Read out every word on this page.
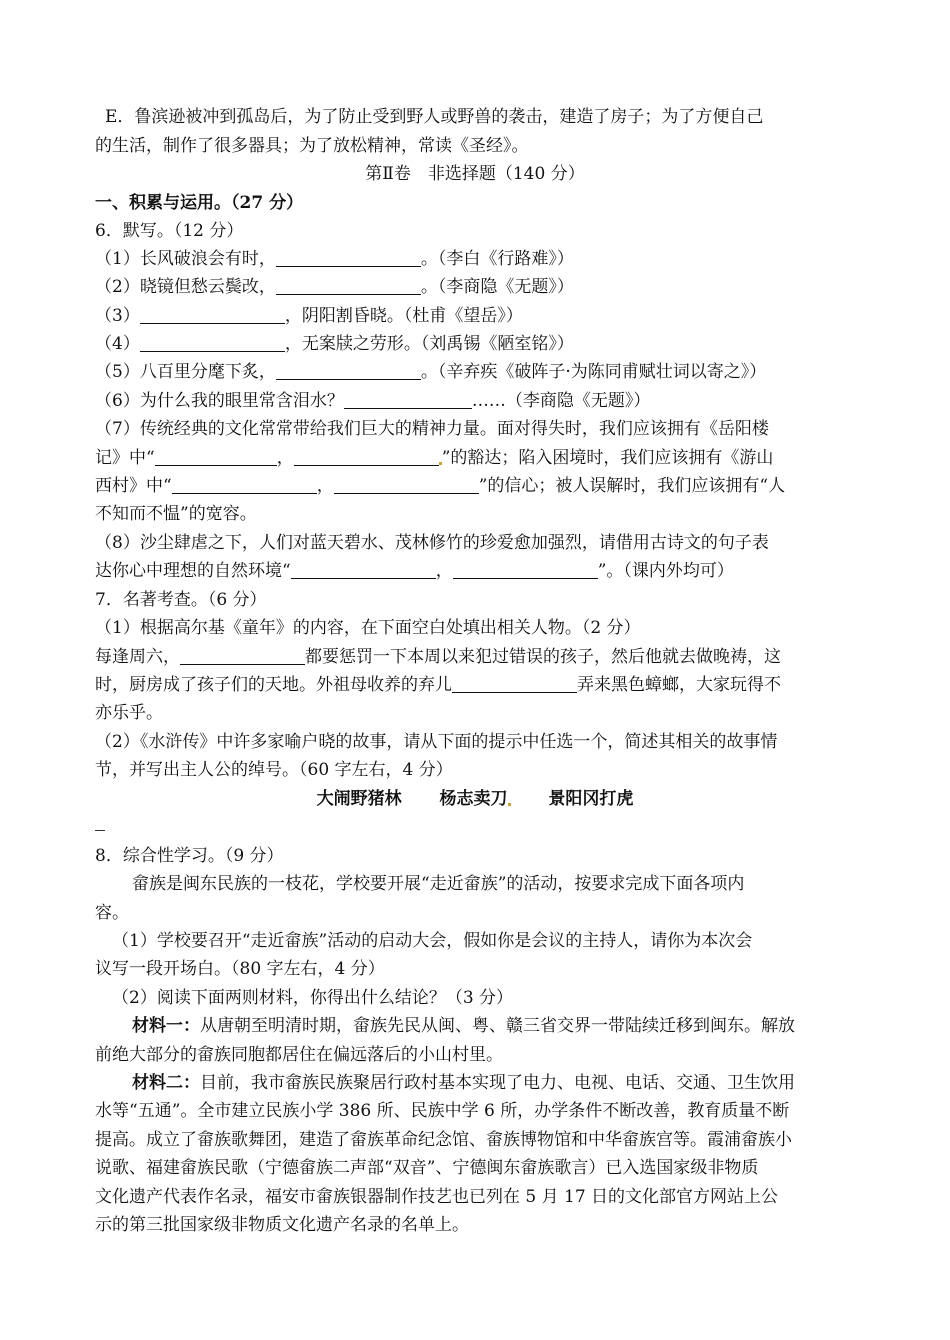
E．鲁滨逊被冲到孤岛后，为了防止受到野人或野兽的袭击，建造了房子；为了方便自己
的生活，制作了很多器具；为了放松精神，常读《圣经》。
第Ⅱ卷　非选择题（140 分）
一、积累与运用。（27 分）
6．默写。（12 分）
（1）长风破浪会有时，	。（李白《行路难》）
（2）晓镜但愁云鬓改，	。（李商隐《无题》）
（3）	，阴阳割昏晓。（杜甫《望岳》）
（4）	，无案牍之劳形。（刘禹锡《陋室铭》）
（5）八百里分麾下炙，	。（辛弃疾《破阵子·为陈同甫赋壮词以寄之》）
（6）为什么我的眼里常含泪水？	……（李商隐《无题》）
（7）传统经典的文化常常带给我们巨大的精神力量。面对得失时，我们应该拥有《岳阳楼
记》中“	，	”的豁达；陷入困境时，我们应该拥有《游山
西村》中“	，	”的信心；被人误解时，我们应该拥有“人
不知而不愠”的宽容。
（8）沙尘肆虐之下，人们对蓝天碧水、茂林修竹的珍爱愈加强烈，请借用古诗文的句子表
达你心中理想的自然环境“	，	”。（课内外均可）
7．名著考查。（6 分）
（1）根据高尔基《童年》的内容，在下面空白处填出相关人物。（2 分）
每逢周六，	都要惩罚一下本周以来犯过错误的孩子，然后他就去做晚祷，这
时，厨房成了孩子们的天地。外祖母收养的弃儿	弄来黑色蟑螂，大家玩得不
亦乐乎。
（2）《水浒传》中许多家喻户晓的故事，请从下面的提示中任选一个，简述其相关的故事情
节，并写出主人公的绰号。（60 字左右，4 分）
大闹野猪林 杨志卖刀 景阳冈打虎
8．综合性学习。（9 分）
畲族是闽东民族的一枝花，学校要开展“走近畲族”的活动，按要求完成下面各项内
容。
（1）学校要召开“走近畲族”活动的启动大会，假如你是会议的主持人，请你为本次会
议写一段开场白。（80 字左右，4 分）
（2）阅读下面两则材料，你得出什么结论？（3 分）
材料一：从唐朝至明清时期，畲族先民从闽、粤、赣三省交界一带陆续迁移到闽东。解放
前绝大部分的畲族同胞都居住在偏远落后的小山村里。
材料二：目前，我市畲族民族聚居行政村基本实现了电力、电视、电话、交通、卫生饮用
水等“五通”。全市建立民族小学 386 所、民族中学 6 所，办学条件不断改善，教育质量不断
提高。成立了畲族歌舞团，建造了畲族革命纪念馆、畲族博物馆和中华畲族宫等。霞浦畲族小
说歌、福建畲族民歌（宁德畲族二声部“双音”、宁德闽东畲族歌言）已入选国家级非物质
文化遗产代表作名录，福安市畲族银器制作技艺也已列在 5 月 17 日的文化部官方网站上公
示的第三批国家级非物质文化遗产名录的名单上。
